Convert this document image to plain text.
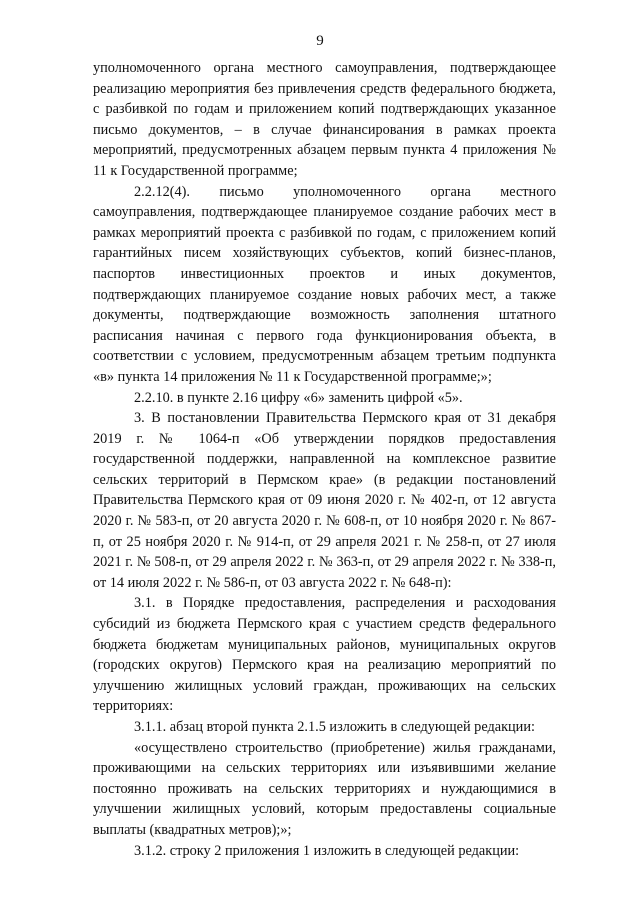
9

уполномоченного органа местного самоуправления, подтверждающее реализацию мероприятия без привлечения средств федерального бюджета, с разбивкой по годам и приложением копий подтверждающих указанное письмо документов, – в случае финансирования в рамках проекта мероприятий, предусмотренных абзацем первым пункта 4 приложения № 11 к Государственной программе;

2.2.12(4). письмо уполномоченного органа местного самоуправления, подтверждающее планируемое создание рабочих мест в рамках мероприятий проекта с разбивкой по годам, с приложением копий гарантийных писем хозяйствующих субъектов, копий бизнес-планов, паспортов инвестиционных проектов и иных документов, подтверждающих планируемое создание новых рабочих мест, а также документы, подтверждающие возможность заполнения штатного расписания начиная с первого года функционирования объекта, в соответствии с условием, предусмотренным абзацем третьим подпункта «в» пункта 14 приложения № 11 к Государственной программе;»;

2.2.10. в пункте 2.16 цифру «6» заменить цифрой «5».

3. В постановлении Правительства Пермского края от 31 декабря 2019 г. № 1064-п «Об утверждении порядков предоставления государственной поддержки, направленной на комплексное развитие сельских территорий в Пермском крае» (в редакции постановлений Правительства Пермского края от 09 июня 2020 г. № 402-п, от 12 августа 2020 г. № 583-п, от 20 августа 2020 г. № 608-п, от 10 ноября 2020 г. № 867-п, от 25 ноября 2020 г. № 914-п, от 29 апреля 2021 г. № 258-п, от 27 июля 2021 г. № 508-п, от 29 апреля 2022 г. № 363-п, от 29 апреля 2022 г. № 338-п, от 14 июля 2022 г. № 586-п, от 03 августа 2022 г. № 648-п):

3.1. в Порядке предоставления, распределения и расходования субсидий из бюджета Пермского края с участием средств федерального бюджета бюджетам муниципальных районов, муниципальных округов (городских округов) Пермского края на реализацию мероприятий по улучшению жилищных условий граждан, проживающих на сельских территориях:

3.1.1. абзац второй пункта 2.1.5 изложить в следующей редакции:

«осуществлено строительство (приобретение) жилья гражданами, проживающими на сельских территориях или изъявившими желание постоянно проживать на сельских территориях и нуждающимися в улучшении жилищных условий, которым предоставлены социальные выплаты (квадратных метров);»;

3.1.2. строку 2 приложения 1 изложить в следующей редакции:
